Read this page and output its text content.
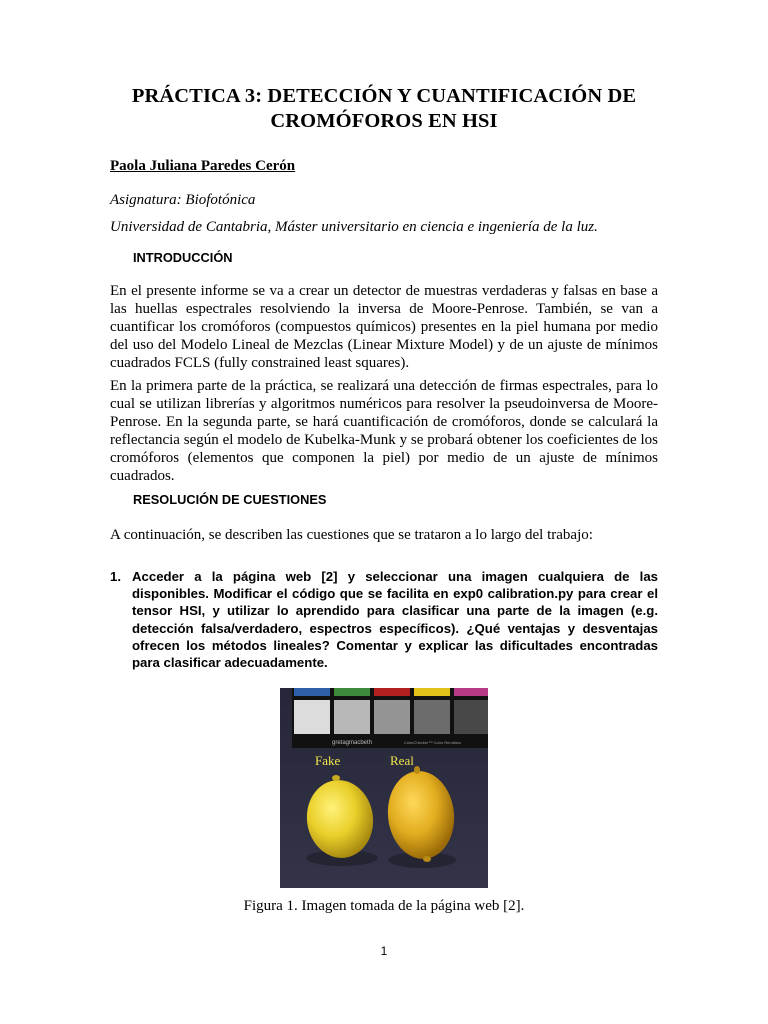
PRÁCTICA 3: DETECCIÓN Y CUANTIFICACIÓN DE CROMÓFOROS EN HSI
Paola Juliana Paredes Cerón
Asignatura: Biofotónica
Universidad de Cantabria, Máster universitario en ciencia e ingeniería de la luz.
INTRODUCCIÓN

En el presente informe se va a crear un detector de muestras verdaderas y falsas en base a las huellas espectrales resolviendo la inversa de Moore-Penrose. También, se van a cuantificar los cromóforos (compuestos químicos) presentes en la piel humana por medio del uso del Modelo Lineal de Mezclas (Linear Mixture Model) y de un ajuste de mínimos cuadrados FCLS (fully constrained least squares).

En la primera parte de la práctica, se realizará una detección de firmas espectrales, para lo cual se utilizan librerías y algoritmos numéricos para resolver la pseudoinversa de Moore-Penrose. En la segunda parte, se hará cuantificación de cromóforos, donde se calculará la reflectancia según el modelo de Kubelka-Munk y se probará obtener los coeficientes de los cromóforos (elementos que componen la piel) por medio de un ajuste de mínimos cuadrados.

RESOLUCIÓN DE CUESTIONES

A continuación, se describen las cuestiones que se trataron a lo largo del trabajo:

1. Acceder a la página web [2] y seleccionar una imagen cualquiera de las disponibles. Modificar el código que se facilita en exp0 calibration.py para crear el tensor HSI, y utilizar lo aprendido para clasificar una parte de la imagen (e.g. detección falsa/verdadero, espectros específicos). ¿Qué ventajas y desventajas ofrecen los métodos lineales? Comentar y explicar las dificultades encontradas para clasificar adecuadamente.
gretagmacbeth	ColorChecker™ Color Rendition
Fake	Real
Figura 1. Imagen tomada de la página web [2].
1
